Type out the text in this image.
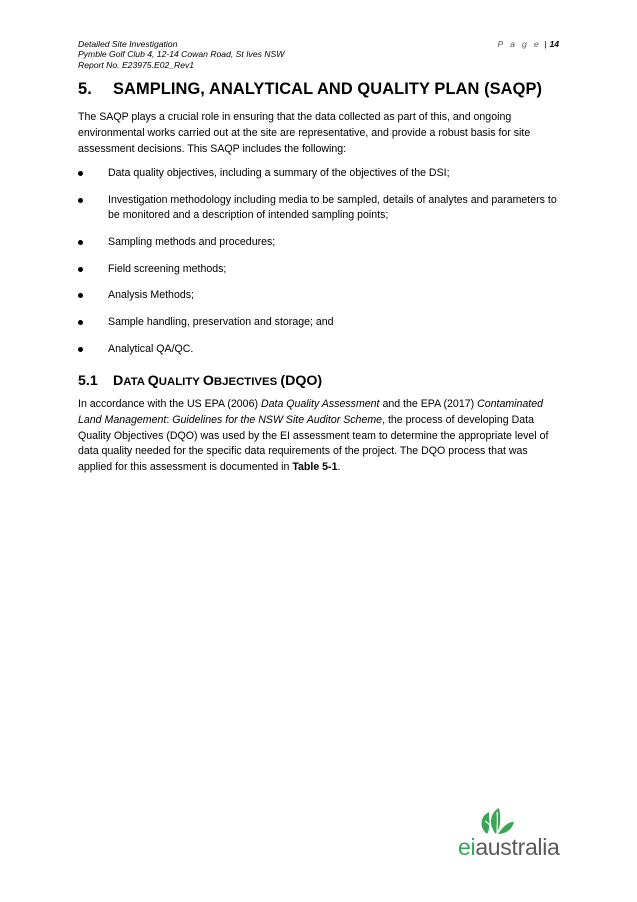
Detailed Site Investigation
Pymble Golf Club 4, 12-14 Cowan Road, St Ives NSW
Report No. E23975.E02_Rev1
P a g e | 14
5. SAMPLING, ANALYTICAL AND QUALITY PLAN (SAQP)

The SAQP plays a crucial role in ensuring that the data collected as part of this, and ongoing environmental works carried out at the site are representative, and provide a robust basis for site assessment decisions. This SAQP includes the following:

Data quality objectives, including a summary of the objectives of the DSI;
Investigation methodology including media to be sampled, details of analytes and parameters to be monitored and a description of intended sampling points;
Sampling methods and procedures;
Field screening methods;
Analysis Methods;
Sample handling, preservation and storage; and
Analytical QA/QC.
5.1 DATA QUALITY OBJECTIVES (DQO)

In accordance with the US EPA (2006) Data Quality Assessment and the EPA (2017) Contaminated Land Management: Guidelines for the NSW Site Auditor Scheme, the process of developing Data Quality Objectives (DQO) was used by the EI assessment team to determine the appropriate level of data quality needed for the specific data requirements of the project. The DQO process that was applied for this assessment is documented in Table 5-1.

eiaustralia
